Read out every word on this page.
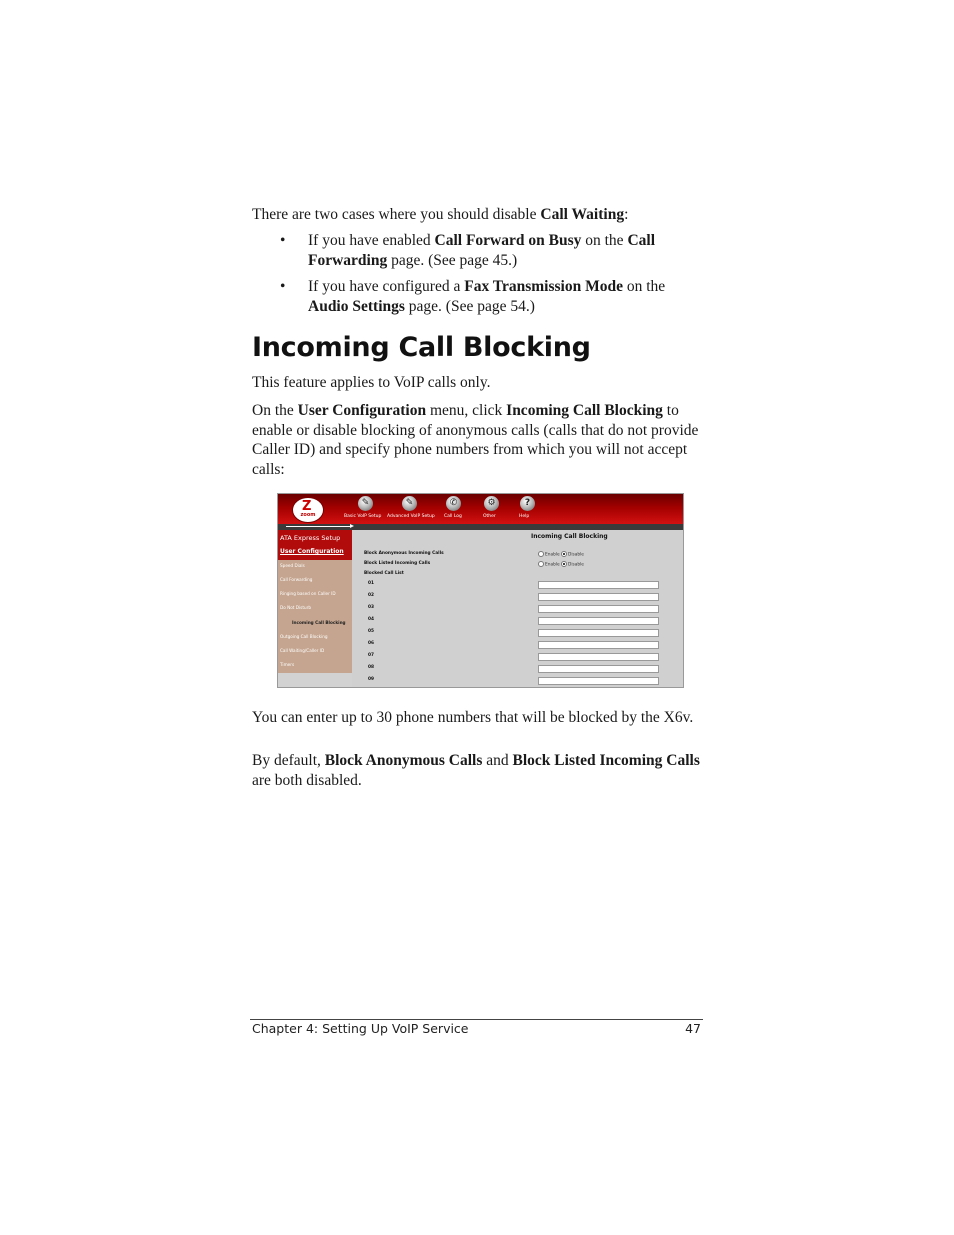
There are two cases where you should disable Call Waiting:

• If you have enabled Call Forward on Busy on the Call Forwarding page. (See page 45.)

• If you have configured a Fax Transmission Mode on the Audio Settings page. (See page 54.)

Incoming Call Blocking

This feature applies to VoIP calls only.

On the User Configuration menu, click Incoming Call Blocking to enable or disable blocking of anonymous calls (calls that do not provide Caller ID) and specify phone numbers from which you will not accept calls:

Z
zoom
✎
Basic VoIP Setup
✎
Advanced VoIP Setup
✆
Call Log
⚙
Other
?
Help
ATA Express Setup
User Configuration
Speed Dials
Call Forwarding
Ringing based on Caller ID
Do Not Disturb
Incoming Call Blocking
Outgoing Call Blocking
Call Waiting/Caller ID
Timers
Incoming Call Blocking
Block Anonymous Incoming Calls
Block Listed Incoming Calls
Blocked Call List
Enable Disable
Enable Disable
01
02
03
04
05
06
07
08
09

You can enter up to 30 phone numbers that will be blocked by the X6v.

By default, Block Anonymous Calls and Block Listed Incoming Calls are both disabled.

Chapter 4: Setting Up VoIP Service	47
